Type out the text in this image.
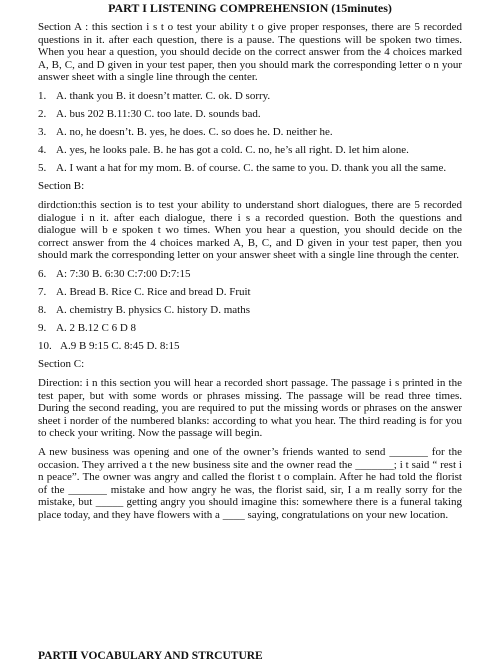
PART I LISTENING COMPREHENSION (15minutes)

Section A : this section i s t o test your ability t o give proper responses, there are 5 recorded questions in it. after each question, there is a pause. The questions will be spoken two times. When you hear a question, you should decide on the correct answer from the 4 choices marked A, B, C, and D given in your test paper, then you should mark the corresponding letter o n your answer sheet with a single line through the center.

1. A. thank you B. it doesn’t matter. C. ok. D sorry.
2. A. bus 202 B.11:30 C. too late. D. sounds bad.
3. A. no, he doesn’t. B. yes, he does. C. so does he. D. neither he.
4. A. yes, he looks pale. B. he has got a cold. C. no, he’s all right. D. let him alone.
5. A. I want a hat for my mom. B. of course. C. the same to you. D. thank you all the same.
Section B:

dirdction:this section is to test your ability to understand short dialogues, there are 5 recorded dialogue i n it. after each dialogue, there i s a recorded question. Both the questions and dialogue will b e spoken t wo times. When you hear a question, you should decide on the correct answer from the 4 choices marked A, B, C, and D given in your test paper, then you should mark the corresponding letter on your answer sheet with a single line through the center.

6. A: 7:30 B. 6:30 C:7:00 D:7:15
7. A. Bread B. Rice C. Rice and bread D. Fruit
8. A. chemistry B. physics C. history D. maths
9. A. 2 B.12 C 6 D 8
10. A.9 B 9:15 C. 8:45 D. 8:15
Section C:

Direction: i n this section you will hear a recorded short passage. The passage i s printed in the test paper, but with some words or phrases missing. The passage will be read three times. During the second reading, you are required to put the missing words or phrases on the answer sheet i norder of the numbered blanks: according to what you hear. The third reading is for you to check your writing. Now the passage will begin.

A new business was opening and one of the owner’s friends wanted to send _______ for the occasion. They arrived a t the new business site and the owner read the _______; i t said “ rest i n peace”. The owner was angry and called the florist t o complain. After he had told the florist of the _______ mistake and how angry he was, the florist said, sir, I a m really sorry for the mistake, but _____ getting angry you should imagine this: somewhere there is a funeral taking place today, and they have flowers with a ____ saying, congratulations on your new location.

PARTⅡ VOCABULARY AND STRCUTURE
